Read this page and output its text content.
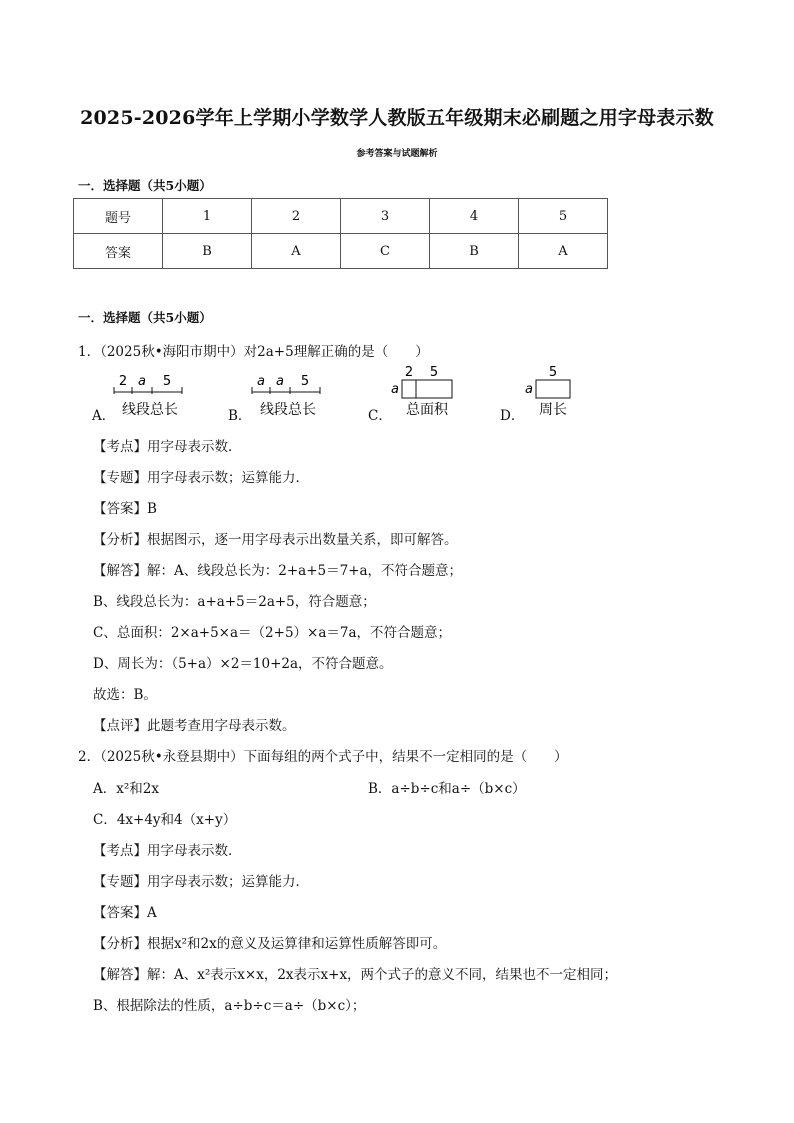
2025-2026学年上学期小学数学人教版五年级期末必刷题之用字母表示数
参考答案与试题解析
一．选择题（共5小题）
题号	1	2	3	4	5
答案	B	A	C	B	A
一．选择题（共5小题）
1．（2025秋•海阳市期中）对2a+5理解正确的是（　　）
A．
2 a 5
线段总长	B．
a a 5
线段总长	C．
2 5
a
总面积	D．
5
a
周长
【考点】用字母表示数．
【专题】用字母表示数；运算能力．
【答案】B
【分析】根据图示，逐一用字母表示出数量关系，即可解答。
【解答】解：A、线段总长为：2+a+5＝7+a，不符合题意；
B、线段总长为：a+a+5＝2a+5，符合题意；
C、总面积：2×a+5×a＝（2+5）×a＝7a，不符合题意；
D、周长为：（5+a）×2＝10+2a，不符合题意。
故选：B。
【点评】此题考查用字母表示数。
2．（2025秋•永登县期中）下面每组的两个式子中，结果不一定相同的是（　　）
A．x²和2x	B．a÷b÷c和a÷（b×c）
C．4x+4y和4（x+y）
【考点】用字母表示数．
【专题】用字母表示数；运算能力．
【答案】A
【分析】根据x²和2x的意义及运算律和运算性质解答即可。
【解答】解：A、x²表示x×x，2x表示x+x，两个式子的意义不同，结果也不一定相同；
B、根据除法的性质，a÷b÷c＝a÷（b×c）；
